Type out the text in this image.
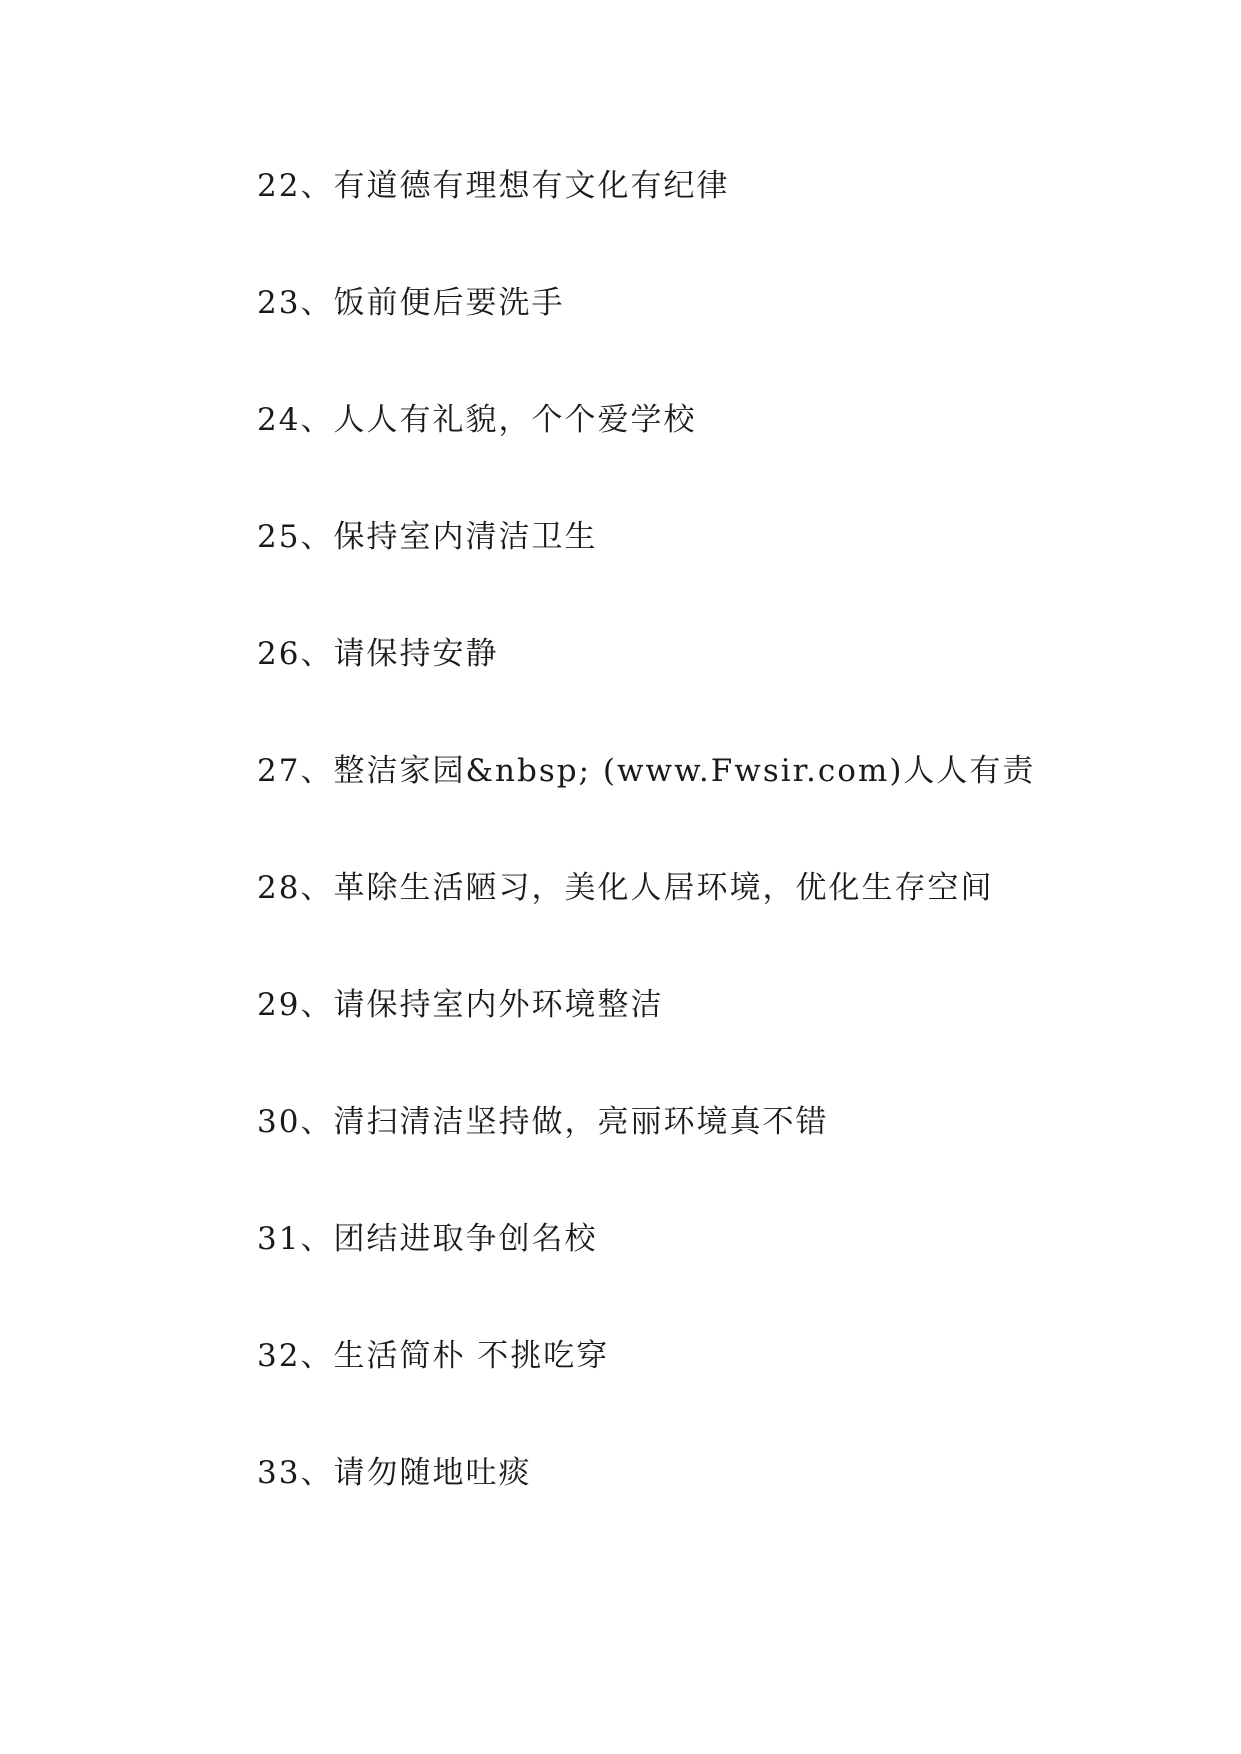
22、有道德有理想有文化有纪律
23、饭前便后要洗手
24、人人有礼貌，个个爱学校
25、保持室内清洁卫生
26、请保持安静
27、整洁家园&nbsp; (www.Fwsir.com)人人有责
28、革除生活陋习，美化人居环境，优化生存空间
29、请保持室内外环境整洁
30、清扫清洁坚持做，亮丽环境真不错
31、团结进取争创名校
32、生活简朴 不挑吃穿
33、请勿随地吐痰
